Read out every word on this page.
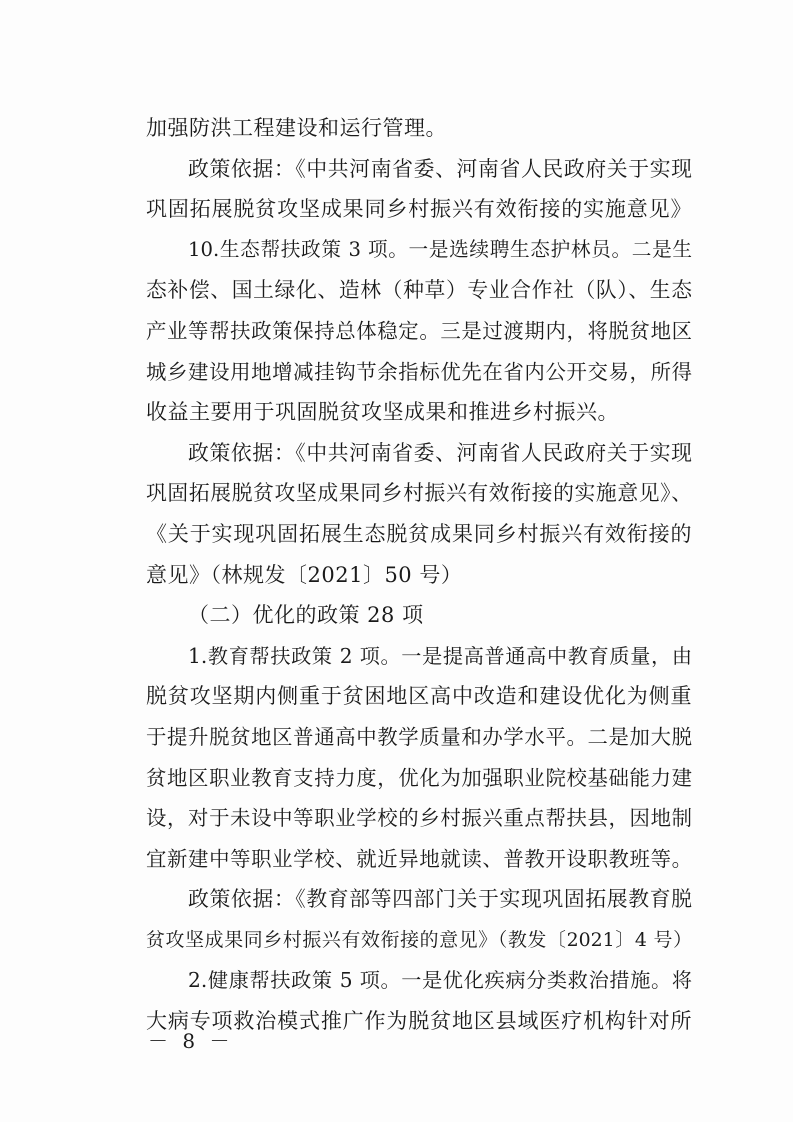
加强防洪工程建设和运行管理。
政策依据：《中共河南省委、河南省人民政府关于实现
巩固拓展脱贫攻坚成果同乡村振兴有效衔接的实施意见》
10.生态帮扶政策 3 项。一是选续聘生态护林员。二是生
态补偿、国土绿化、造林（种草）专业合作社（队）、生态
产业等帮扶政策保持总体稳定。三是过渡期内，将脱贫地区
城乡建设用地增减挂钩节余指标优先在省内公开交易，所得
收益主要用于巩固脱贫攻坚成果和推进乡村振兴。
政策依据：《中共河南省委、河南省人民政府关于实现
巩固拓展脱贫攻坚成果同乡村振兴有效衔接的实施意见》、
《关于实现巩固拓展生态脱贫成果同乡村振兴有效衔接的
意见》（林规发〔2021〕50 号）
（二）优化的政策 28 项
1.教育帮扶政策 2 项。一是提高普通高中教育质量，由
脱贫攻坚期内侧重于贫困地区高中改造和建设优化为侧重
于提升脱贫地区普通高中教学质量和办学水平。二是加大脱
贫地区职业教育支持力度，优化为加强职业院校基础能力建
设，对于未设中等职业学校的乡村振兴重点帮扶县，因地制
宜新建中等职业学校、就近异地就读、普教开设职教班等。
政策依据：《教育部等四部门关于实现巩固拓展教育脱
贫攻坚成果同乡村振兴有效衔接的意见》（教发〔2021〕4 号）
2.健康帮扶政策 5 项。一是优化疾病分类救治措施。将
大病专项救治模式推广作为脱贫地区县域医疗机构针对所
－ 8 －
